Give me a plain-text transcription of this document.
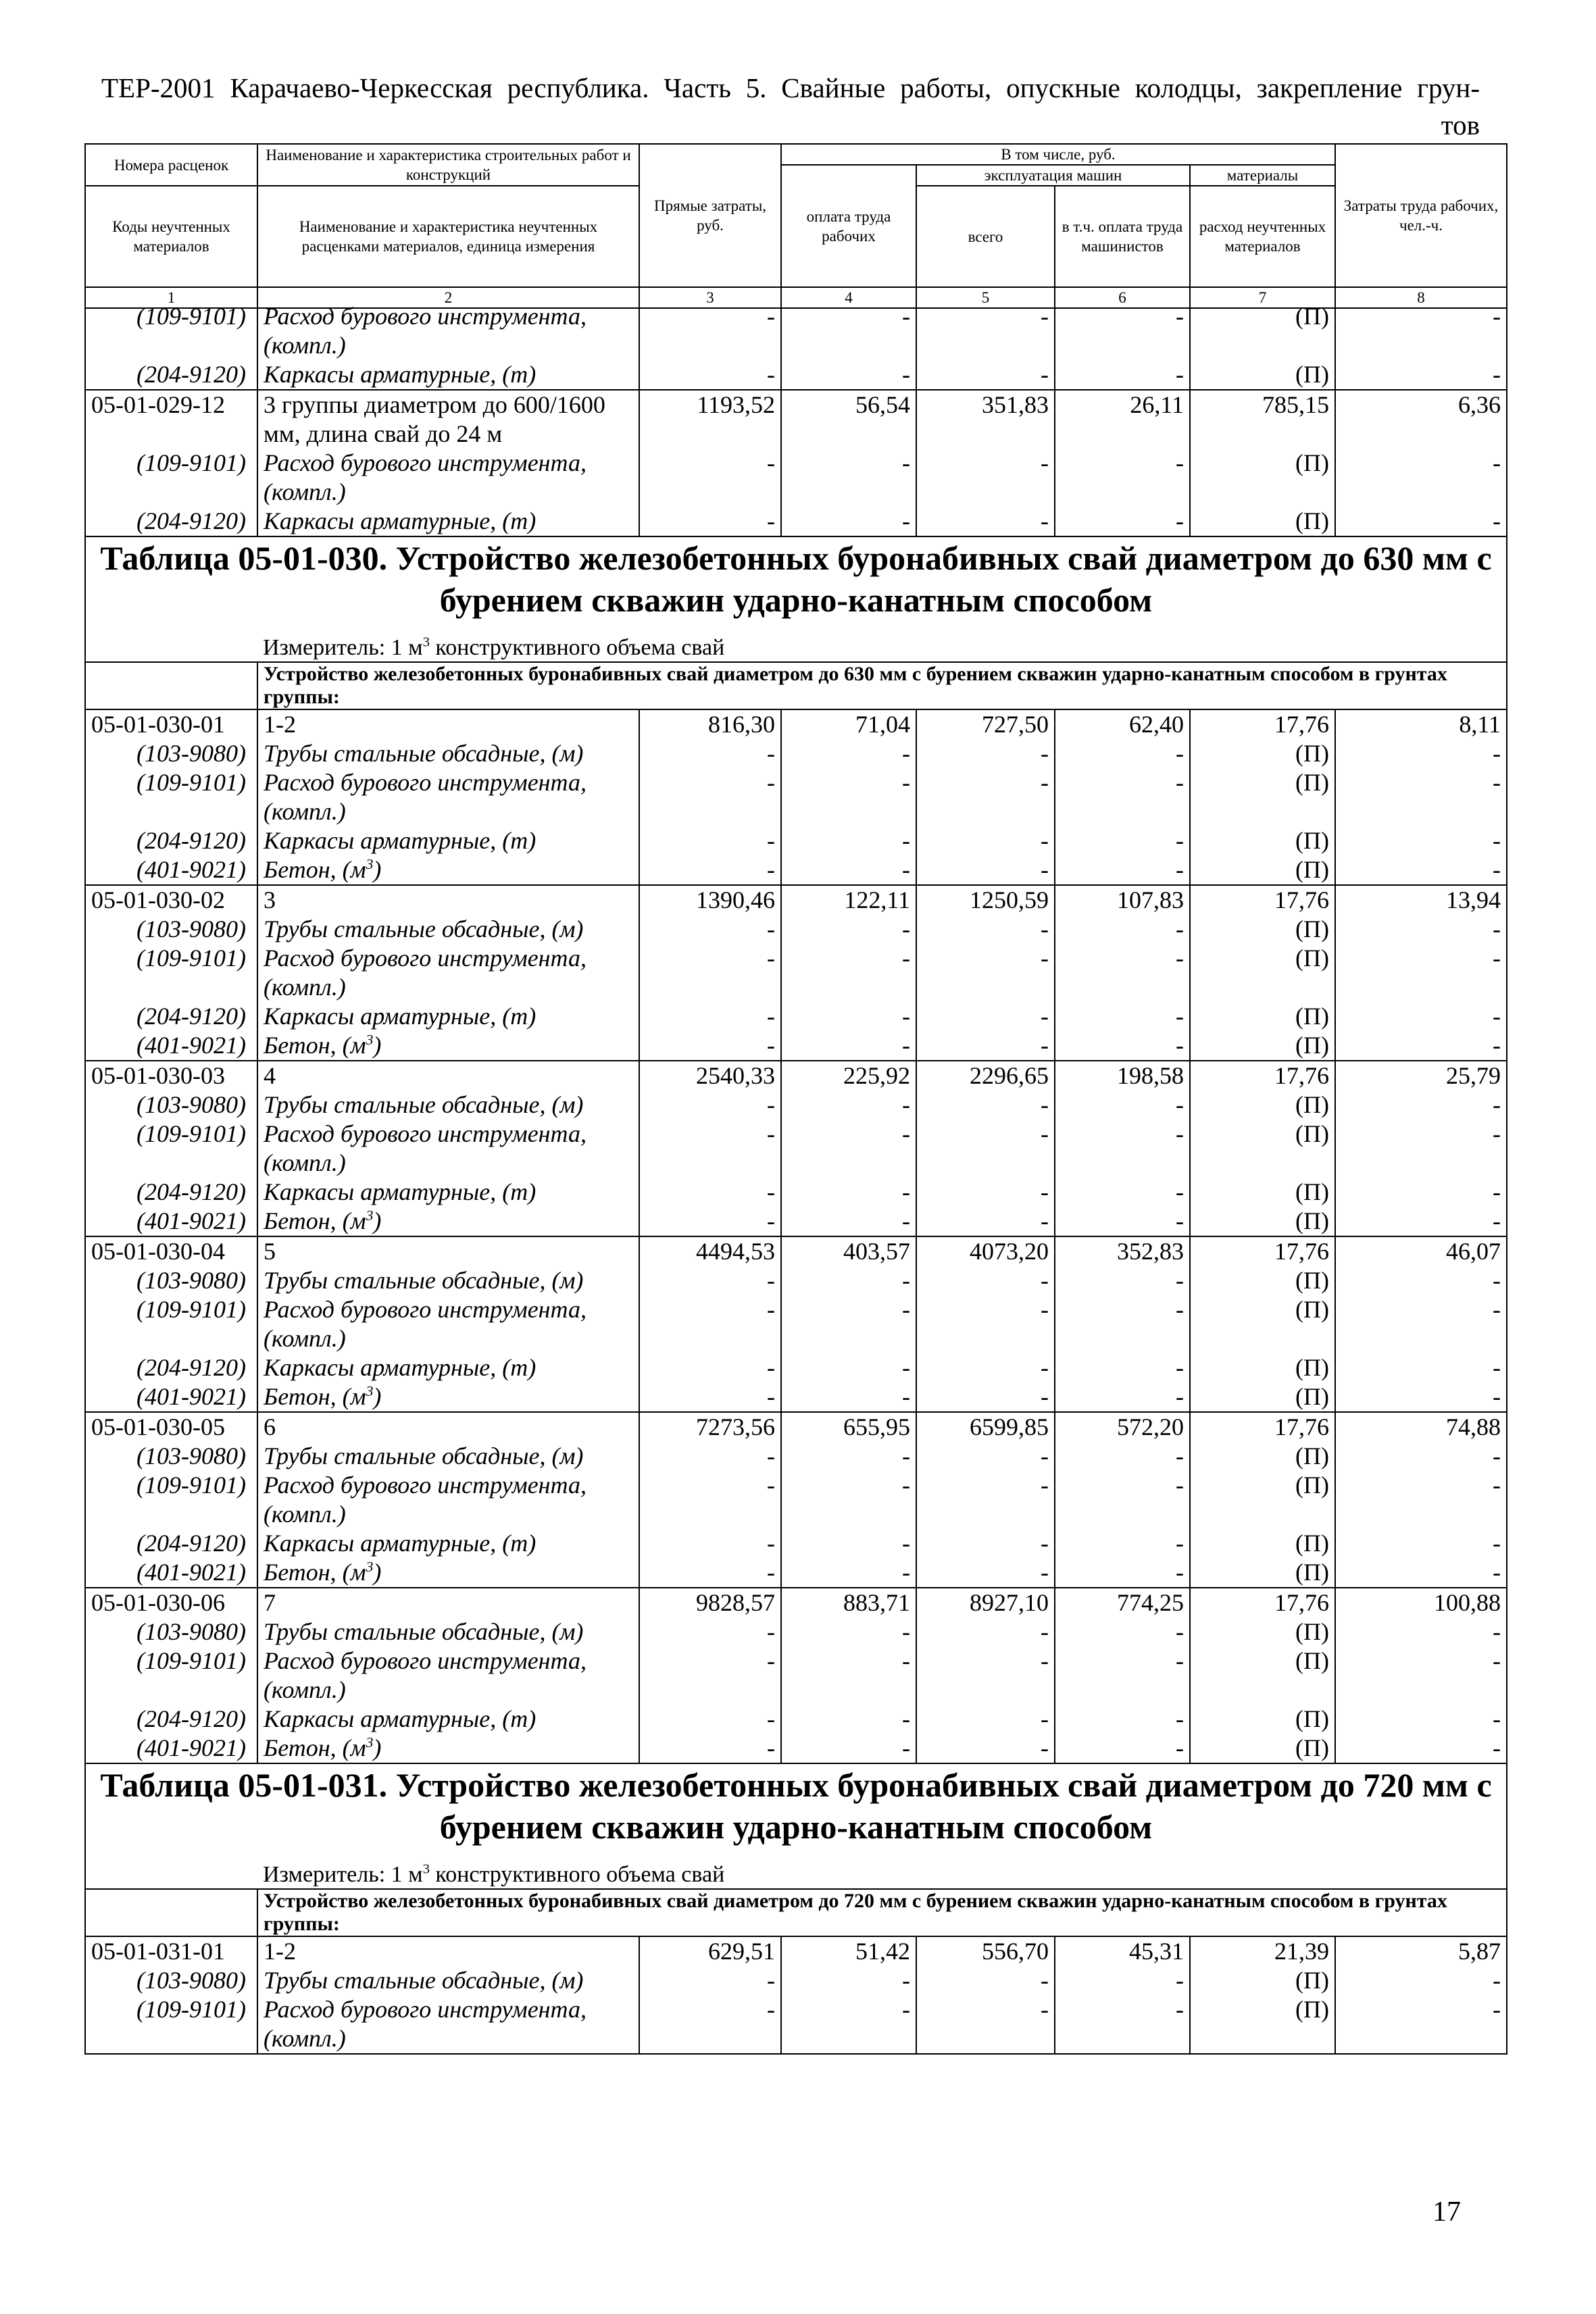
ТЕР-2001 Карачаево-Черкесская республика. Часть 5. Свайные работы, опускные колодцы, закрепление грун-
тов
Номера расценок	Наименование и характеристика строительных работ и конструкций	Прямые затраты, руб.	В том числе, руб.				Затраты труда рабочих, чел.-ч.
			оплата труда рабочих	эксплуатация машин		материалы	
Коды неучтенных материалов	Наименование и характеристика неучтенных расценками материалов, единица измерения			всего	в т.ч. оплата труда машинистов	расход неучтенных материалов	

1	2	3	4	5	6	7	8
(109-9101)	Расход бурового инструмента, (компл.)	-	-	-	-	(П)	-
(204-9120)	Каркасы арматурные, (т)	-	-	-	-	(П)	-
05-01-029-12	3 группы диаметром до 600/1600 мм, длина свай до 24 м	1193,52	56,54	351,83	26,11	785,15	6,36
(109-9101)	Расход бурового инструмента, (компл.)	-	-	-	-	(П)	-
(204-9120)	Каркасы арматурные, (т)	-	-	-	-	(П)	-

Таблица 05-01-030. Устройство железобетонных буронабивных свай диаметром до 630 мм с
бурением скважин ударно-канатным способом							

	Измеритель: 1 $м^3$ конструктивного объема свай						
	Устройство железобетонных буронабивных свай диаметром до 630 мм с бурением скважин ударно-канатным способом в грунтах группы:						
05-01-030-01	1-2	816,30	71,04	727,50	62,40	17,76	8,11
(103-9080)	Трубы стальные обсадные, (м)	-	-	-	-	(П)	-
(109-9101)	Расход бурового инструмента, (компл.)	-	-	-	-	(П)	-
(204-9120)	Каркасы арматурные, (т)	-	-	-	-	(П)	-
(401-9021)	Бетон, $(м^3)$	-	-	-	-	(П)	-
05-01-030-02	3	1390,46	122,11	1250,59	107,83	17,76	13,94
(103-9080)	Трубы стальные обсадные, (м)	-	-	-	-	(П)	-
(109-9101)	Расход бурового инструмента, (компл.)	-	-	-	-	(П)	-
(204-9120)	Каркасы арматурные, (т)	-	-	-	-	(П)	-
(401-9021)	Бетон, $(м^3)$	-	-	-	-	(П)	-
05-01-030-03	4	2540,33	225,92	2296,65	198,58	17,76	25,79
(103-9080)	Трубы стальные обсадные, (м)	-	-	-	-	(П)	-
(109-9101)	Расход бурового инструмента, (компл.)	-	-	-	-	(П)	-
(204-9120)	Каркасы арматурные, (т)	-	-	-	-	(П)	-
(401-9021)	Бетон, $(м^3)$	-	-	-	-	(П)	-
05-01-030-04	5	4494,53	403,57	4073,20	352,83	17,76	46,07
(103-9080)	Трубы стальные обсадные, (м)	-	-	-	-	(П)	-
(109-9101)	Расход бурового инструмента, (компл.)	-	-	-	-	(П)	-
(204-9120)	Каркасы арматурные, (т)	-	-	-	-	(П)	-
(401-9021)	Бетон, $(м^3)$	-	-	-	-	(П)	-
05-01-030-05	6	7273,56	655,95	6599,85	572,20	17,76	74,88
(103-9080)	Трубы стальные обсадные, (м)	-	-	-	-	(П)	-
(109-9101)	Расход бурового инструмента, (компл.)	-	-	-	-	(П)	-
(204-9120)	Каркасы арматурные, (т)	-	-	-	-	(П)	-
(401-9021)	Бетон, $(м^3)$	-	-	-	-	(П)	-
05-01-030-06	7	9828,57	883,71	8927,10	774,25	17,76	100,88
(103-9080)	Трубы стальные обсадные, (м)	-	-	-	-	(П)	-
(109-9101)	Расход бурового инструмента, (компл.)	-	-	-	-	(П)	-
(204-9120)	Каркасы арматурные, (т)	-	-	-	-	(П)	-
(401-9021)	Бетон, $(м^3)$	-	-	-	-	(П)	-

Таблица 05-01-031. Устройство железобетонных буронабивных свай диаметром до 720 мм с
бурением скважин ударно-канатным способом							

	Измеритель: 1 $м^3$ конструктивного объема свай						
	Устройство железобетонных буронабивных свай диаметром до 720 мм с бурением скважин ударно-канатным способом в грунтах группы:						
05-01-031-01	1-2	629,51	51,42	556,70	45,31	21,39	5,87
(103-9080)	Трубы стальные обсадные, (м)	-	-	-	-	(П)	-
(109-9101)	Расход бурового инструмента, (компл.)	-	-	-	-	(П)	-
17
